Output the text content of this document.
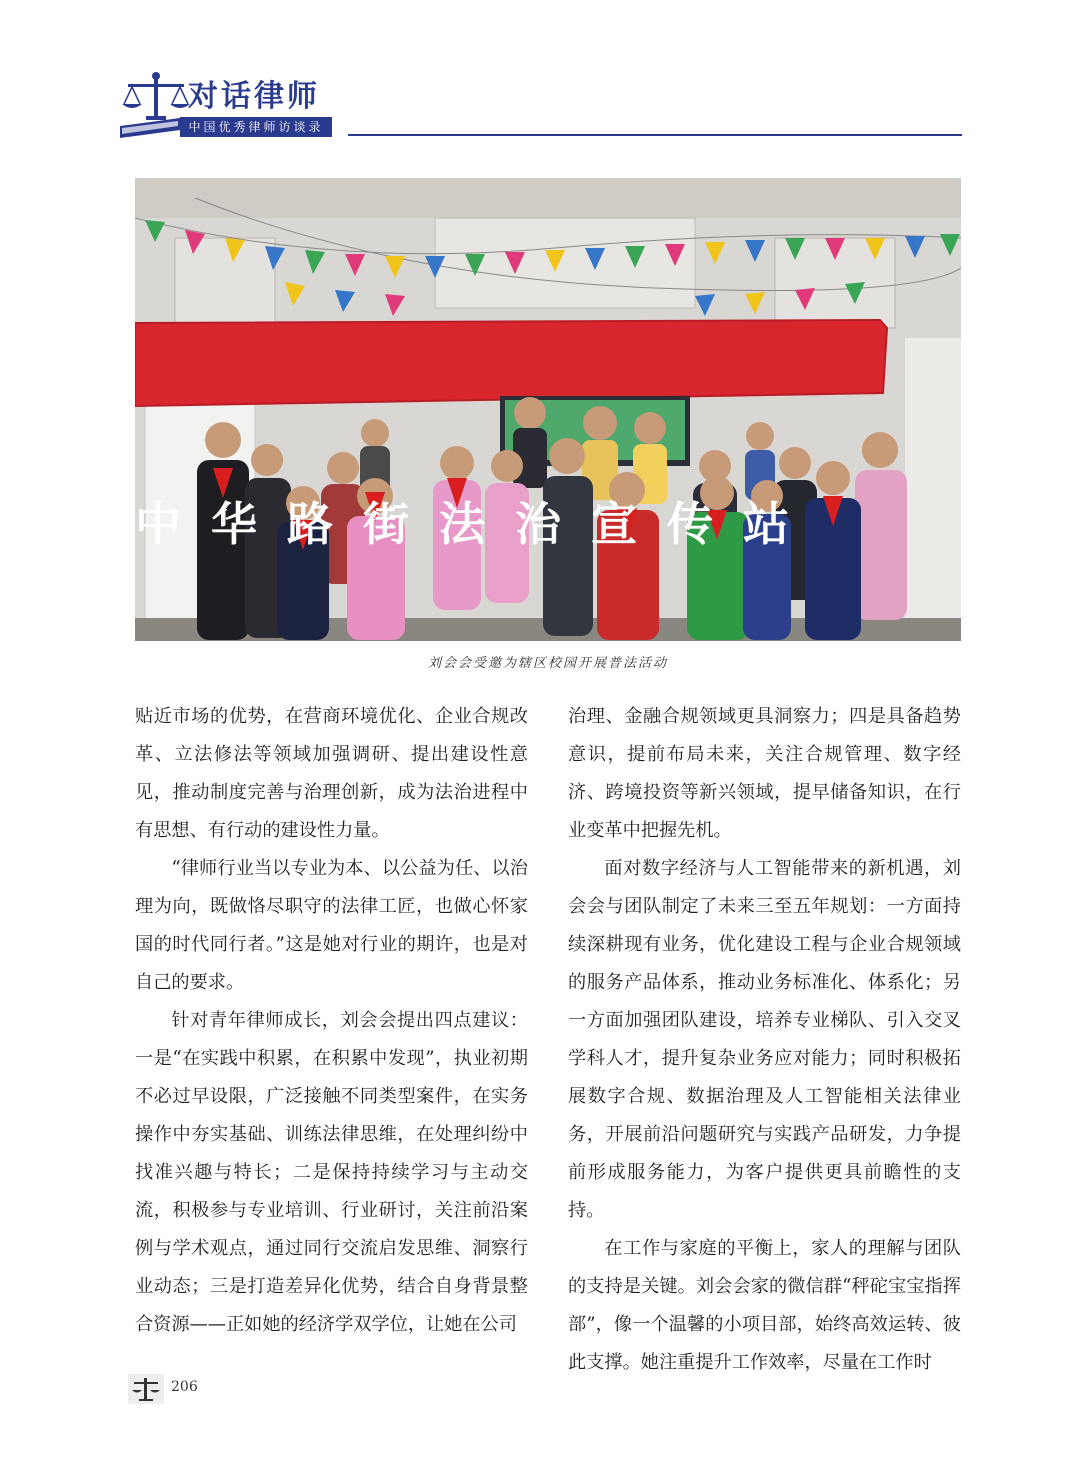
对话律师
中国优秀律师访谈录
中华路街法治宣传站
刘会会受邀为辖区校园开展普法活动

贴近市场的优势，在营商环境优化、企业合规改革、立法修法等领域加强调研、提出建设性意见，推动制度完善与治理创新，成为法治进程中有思想、有行动的建设性力量。

“律师行业当以专业为本、以公益为任、以治理为向，既做恪尽职守的法律工匠，也做心怀家国的时代同行者。”这是她对行业的期许，也是对自己的要求。

针对青年律师成长，刘会会提出四点建议：一是“在实践中积累，在积累中发现”，执业初期不必过早设限，广泛接触不同类型案件，在实务操作中夯实基础、训练法律思维，在处理纠纷中找准兴趣与特长；二是保持持续学习与主动交流，积极参与专业培训、行业研讨，关注前沿案例与学术观点，通过同行交流启发思维、洞察行业动态；三是打造差异化优势，结合自身背景整合资源——正如她的经济学双学位，让她在公司

治理、金融合规领域更具洞察力；四是具备趋势意识，提前布局未来，关注合规管理、数字经济、跨境投资等新兴领域，提早储备知识，在行业变革中把握先机。

面对数字经济与人工智能带来的新机遇，刘会会与团队制定了未来三至五年规划：一方面持续深耕现有业务，优化建设工程与企业合规领域的服务产品体系，推动业务标准化、体系化；另一方面加强团队建设，培养专业梯队、引入交叉学科人才，提升复杂业务应对能力；同时积极拓展数字合规、数据治理及人工智能相关法律业务，开展前沿问题研究与实践产品研发，力争提前形成服务能力，为客户提供更具前瞻性的支持。

在工作与家庭的平衡上，家人的理解与团队的支持是关键。刘会会家的微信群“秤砣宝宝指挥部”，像一个温馨的小项目部，始终高效运转、彼此支撑。她注重提升工作效率，尽量在工作时

206
